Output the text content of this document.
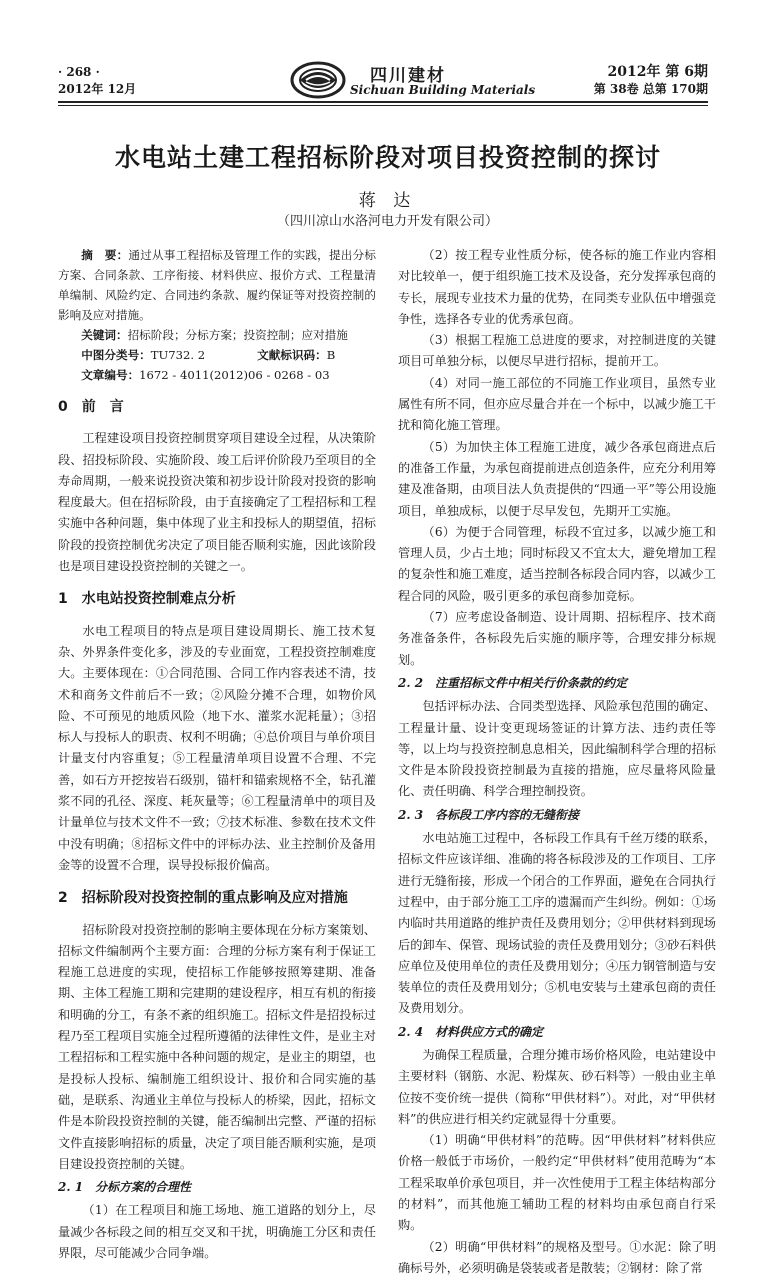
· 268 ·
2012年 12月
四川建材
Sichuan Building Materials
2012年 第 6期
第 38卷 总第 170期
水电站土建工程招标阶段对项目投资控制的探讨
蒋 达
（四川凉山水洛河电力开发有限公司）

摘　要：通过从事工程招标及管理工作的实践，提出分标方案、合同条款、工序衔接、材料供应、报价方式、工程量清单编制、风险约定、合同违约条款、履约保证等对投资控制的影响及应对措施。

关键词：招标阶段；分标方案；投资控制；应对措施

中图分类号：TU732. 2	文献标识码：B

文章编号：1672 - 4011(2012)06 - 0268 - 03

0　前　言

工程建设项目投资控制贯穿项目建设全过程，从决策阶段、招投标阶段、实施阶段、竣工后评价阶段乃至项目的全寿命周期，一般来说投资决策和初步设计阶段对投资的影响程度最大。但在招标阶段，由于直接确定了工程招标和工程实施中各种问题，集中体现了业主和投标人的期望值，招标阶段的投资控制优劣决定了项目能否顺利实施，因此该阶段也是项目建设投资控制的关键之一。

1　水电站投资控制难点分析

水电工程项目的特点是项目建设周期长、施工技术复杂、外界条件变化多，涉及的专业面宽，工程投资控制难度大。主要体现在：①合同范围、合同工作内容表述不清，技术和商务文件前后不一致；②风险分摊不合理，如物价风险、不可预见的地质风险（地下水、灌浆水泥耗量）；③招标人与投标人的职责、权利不明确；④总价项目与单价项目计量支付内容重复；⑤工程量清单项目设置不合理、不完善，如石方开挖按岩石级别，锚杆和锚索规格不全，钻孔灌浆不同的孔径、深度、耗灰量等；⑥工程量清单中的项目及计量单位与技术文件不一致；⑦技术标准、参数在技术文件中没有明确；⑧招标文件中的评标办法、业主控制价及备用金等的设置不合理，误导投标报价偏高。

2　招标阶段对投资控制的重点影响及应对措施

招标阶段对投资控制的影响主要体现在分标方案策划、招标文件编制两个主要方面：合理的分标方案有利于保证工程施工总进度的实现，使招标工作能够按照筹建期、准备期、主体工程施工期和完建期的建设程序，相互有机的衔接和明确的分工，有条不紊的组织施工。招标文件是招投标过程乃至工程项目实施全过程所遵循的法律性文件，是业主对工程招标和工程实施中各种问题的规定，是业主的期望，也是投标人投标、编制施工组织设计、报价和合同实施的基础，是联系、沟通业主单位与投标人的桥梁，因此，招标文件是本阶段投资控制的关键，能否编制出完整、严谨的招标文件直接影响招标的质量，决定了项目能否顺利实施，是项目建设投资控制的关键。

2. 1　分标方案的合理性

（1）在工程项目和施工场地、施工道路的划分上，尽量减少各标段之间的相互交叉和干扰，明确施工分区和责任界限，尽可能减少合同争端。

（2）按工程专业性质分标，使各标的施工作业内容相对比较单一，便于组织施工技术及设备，充分发挥承包商的专长，展现专业技术力量的优势，在同类专业队伍中增强竞争性，选择各专业的优秀承包商。

（3）根据工程施工总进度的要求，对控制进度的关键项目可单独分标，以便尽早进行招标，提前开工。

（4）对同一施工部位的不同施工作业项目，虽然专业属性有所不同，但亦应尽量合并在一个标中，以减少施工干扰和简化施工管理。

（5）为加快主体工程施工进度，减少各承包商进点后的准备工作量，为承包商提前进点创造条件，应充分利用筹建及准备期，由项目法人负责提供的“四通一平”等公用设施项目，单独成标，以便于尽早发包，先期开工实施。

（6）为便于合同管理，标段不宜过多，以减少施工和管理人员，少占土地；同时标段又不宜太大，避免增加工程的复杂性和施工难度，适当控制各标段合同内容，以减少工程合同的风险，吸引更多的承包商参加竞标。

（7）应考虑设备制造、设计周期、招标程序、技术商务准备条件，各标段先后实施的顺序等，合理安排分标规划。

2. 2　注重招标文件中相关行价条款的约定

包括评标办法、合同类型选择、风险承包范围的确定、工程量计量、设计变更现场签证的计算方法、违约责任等等，以上均与投资控制息息相关，因此编制科学合理的招标文件是本阶段投资控制最为直接的措施，应尽量将风险量化、责任明确、科学合理控制投资。

2. 3　各标段工序内容的无缝衔接

水电站施工过程中，各标段工作具有千丝万缕的联系，招标文件应该详细、准确的将各标段涉及的工作项目、工序进行无缝衔接，形成一个闭合的工作界面，避免在合同执行过程中，由于部分施工工序的遗漏而产生纠纷。例如：①场内临时共用道路的维护责任及费用划分；②甲供材料到现场后的卸车、保管、现场试验的责任及费用划分；③砂石料供应单位及使用单位的责任及费用划分；④压力钢管制造与安装单位的责任及费用划分；⑤机电安装与土建承包商的责任及费用划分。

2. 4　材料供应方式的确定

为确保工程质量，合理分摊市场价格风险，电站建设中主要材料（钢筋、水泥、粉煤灰、砂石料等）一般由业主单位按不变价统一提供（简称“甲供材料”）。对此，对“甲供材料”的供应进行相关约定就显得十分重要。

（1）明确“甲供材料”的范畴。因“甲供材料”材料供应价格一般低于市场价，一般约定“甲供材料”使用范畴为“本工程采取单价承包项目，并一次性使用于工程主体结构部分的材料”，而其他施工辅助工程的材料均由承包商自行采购。

（2）明确“甲供材料”的规格及型号。①水泥：除了明确标号外，必须明确是袋装或者是散装；②钢材：除了常
